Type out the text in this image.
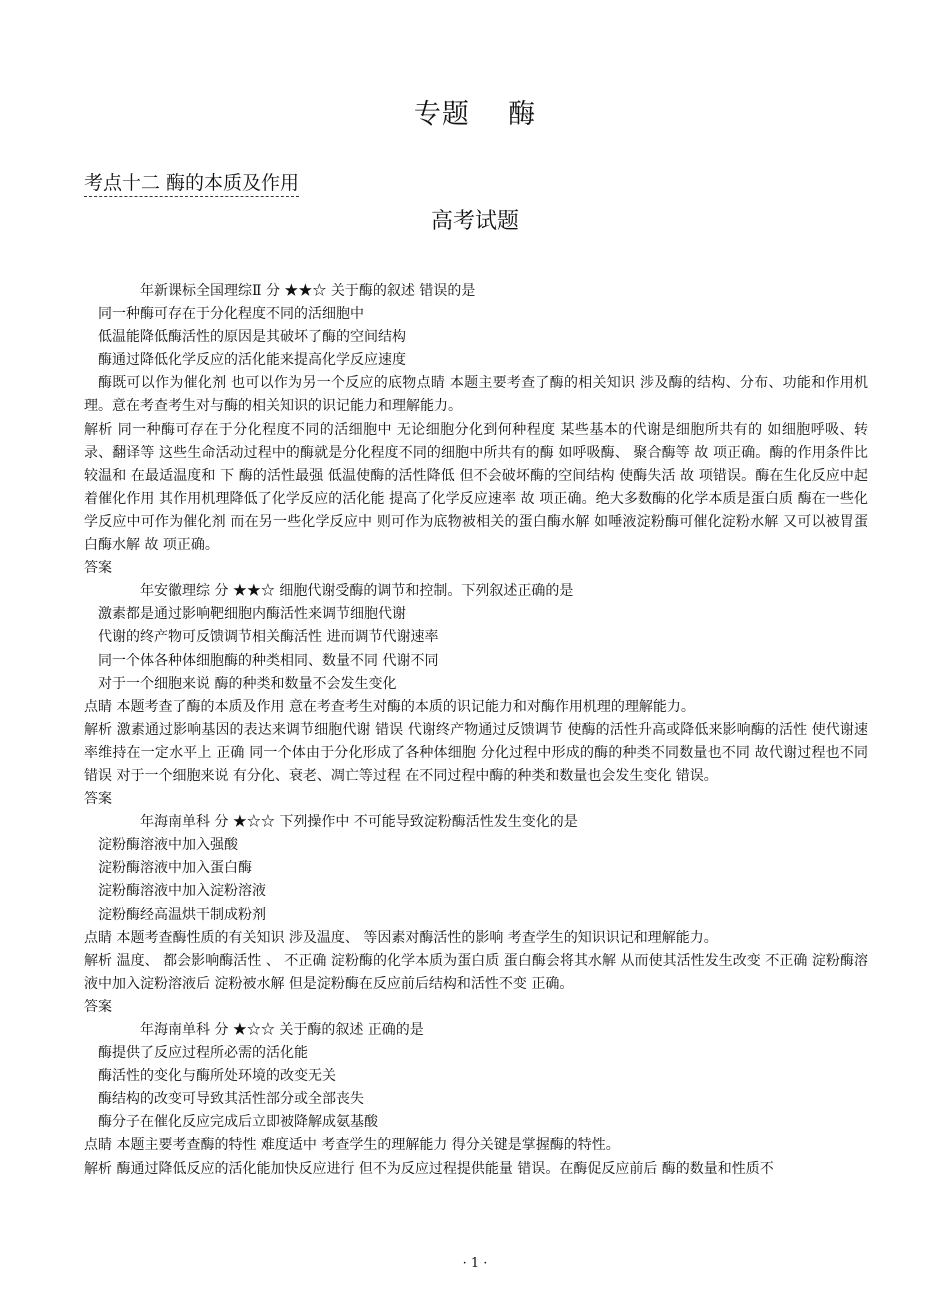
专题    酶
考点十二 酶的本质及作用
高考试题

年新课标全国理综Ⅱ 分 ★★☆ 关于酶的叙述 错误的是

同一种酶可存在于分化程度不同的活细胞中

低温能降低酶活性的原因是其破坏了酶的空间结构

酶通过降低化学反应的活化能来提高化学反应速度

酶既可以作为催化剂 也可以作为另一个反应的底物点睛 本题主要考查了酶的相关知识 涉及酶的结构、分布、功能和作用机理。意在考查考生对与酶的相关知识的识记能力和理解能力。

解析 同一种酶可存在于分化程度不同的活细胞中 无论细胞分化到何种程度 某些基本的代谢是细胞所共有的 如细胞呼吸、转录、翻译等 这些生命活动过程中的酶就是分化程度不同的细胞中所共有的酶 如呼吸酶、 聚合酶等 故 项正确。酶的作用条件比较温和 在最适温度和 下 酶的活性最强 低温使酶的活性降低 但不会破坏酶的空间结构 使酶失活 故 项错误。酶在生化反应中起着催化作用 其作用机理降低了化学反应的活化能 提高了化学反应速率 故 项正确。绝大多数酶的化学本质是蛋白质 酶在一些化学反应中可作为催化剂 而在另一些化学反应中 则可作为底物被相关的蛋白酶水解 如唾液淀粉酶可催化淀粉水解 又可以被胃蛋白酶水解 故 项正确。

答案

年安徽理综 分 ★★☆ 细胞代谢受酶的调节和控制。下列叙述正确的是

激素都是通过影响靶细胞内酶活性来调节细胞代谢

代谢的终产物可反馈调节相关酶活性 进而调节代谢速率

同一个体各种体细胞酶的种类相同、数量不同 代谢不同

对于一个细胞来说 酶的种类和数量不会发生变化

点睛 本题考查了酶的本质及作用 意在考查考生对酶的本质的识记能力和对酶作用机理的理解能力。

解析 激素通过影响基因的表达来调节细胞代谢 错误 代谢终产物通过反馈调节 使酶的活性升高或降低来影响酶的活性 使代谢速率维持在一定水平上 正确 同一个体由于分化形成了各种体细胞 分化过程中形成的酶的种类不同数量也不同 故代谢过程也不同 错误 对于一个细胞来说 有分化、衰老、凋亡等过程 在不同过程中酶的种类和数量也会发生变化 错误。

答案

年海南单科 分 ★☆☆ 下列操作中 不可能导致淀粉酶活性发生变化的是

淀粉酶溶液中加入强酸

淀粉酶溶液中加入蛋白酶

淀粉酶溶液中加入淀粉溶液

淀粉酶经高温烘干制成粉剂

点睛 本题考查酶性质的有关知识 涉及温度、 等因素对酶活性的影响 考查学生的知识识记和理解能力。

解析 温度、 都会影响酶活性 、 不正确 淀粉酶的化学本质为蛋白质 蛋白酶会将其水解 从而使其活性发生改变 不正确 淀粉酶溶液中加入淀粉溶液后 淀粉被水解 但是淀粉酶在反应前后结构和活性不变 正确。

答案

年海南单科 分 ★☆☆ 关于酶的叙述 正确的是

酶提供了反应过程所必需的活化能

酶活性的变化与酶所处环境的改变无关

酶结构的改变可导致其活性部分或全部丧失

酶分子在催化反应完成后立即被降解成氨基酸

点睛 本题主要考查酶的特性 难度适中 考查学生的理解能力 得分关键是掌握酶的特性。

解析 酶通过降低反应的活化能加快反应进行 但不为反应过程提供能量 错误。在酶促反应前后 酶的数量和性质不

· 1 ·
